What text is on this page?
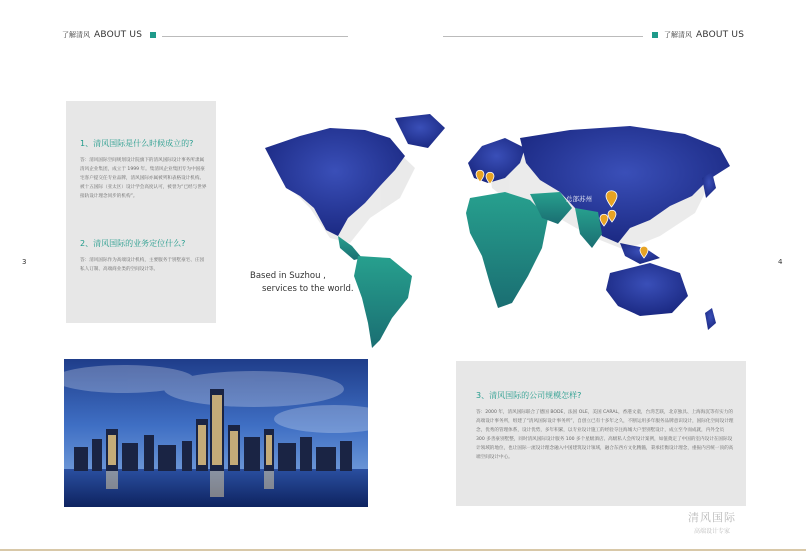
了解清风 ABOUT US	了解清风 ABOUT US
3	4
1、清风国际是什么时候成立的?
答：清风国际空间规划设计院旗下的清风国际设计事务所隶属清风企业集团，成立于 1999 年。集清风企业集团专为中国豪宅客户提交任专业品牌，清风国际亦属被列和表格设计机构。被十五国际（亚太区）设计学会高度认可，被誉为“已经与世界接轨设计理念同步的机构”。
2、清风国际的业务定位什么?
答：清风国际作为高端设计机构，主要服务于别墅豪宅、庄园私人订制、高端商业类的空间设计等。
总部苏州
Based in Suzhou ,
services to the world.
3、清风国际的公司规模怎样?
答：2000 年，清风国际联合了德国 BODE，法国 OLE，美国 CARAL，香港文童，台湾艺联，北京独具、上海海沉等有实力的高端设计事务所，组建了“清风国际设计事务所”，自创立已有十多年之久，不断运用多年服务品牌意识设计，国际化空间设计理念，优秀的管理体系，设计优势，多年积累，以专业设计施工的经验夺注海城大户型别墅设计，成立至今而成就，内外全员 300 多善豪别墅整，同时清风国际设计服务 100 多个星级酒店、高级私人会所设计案例，如值奠定了中国的室内设计在国际设计领域的地位，也让国际一流设计理念融入中国建筑设计领域，融合东西方文化精髓，秉承挂衡设计理念，重振内宫统一顶的高端空间设计中心。
清风国际
高端设计专家
